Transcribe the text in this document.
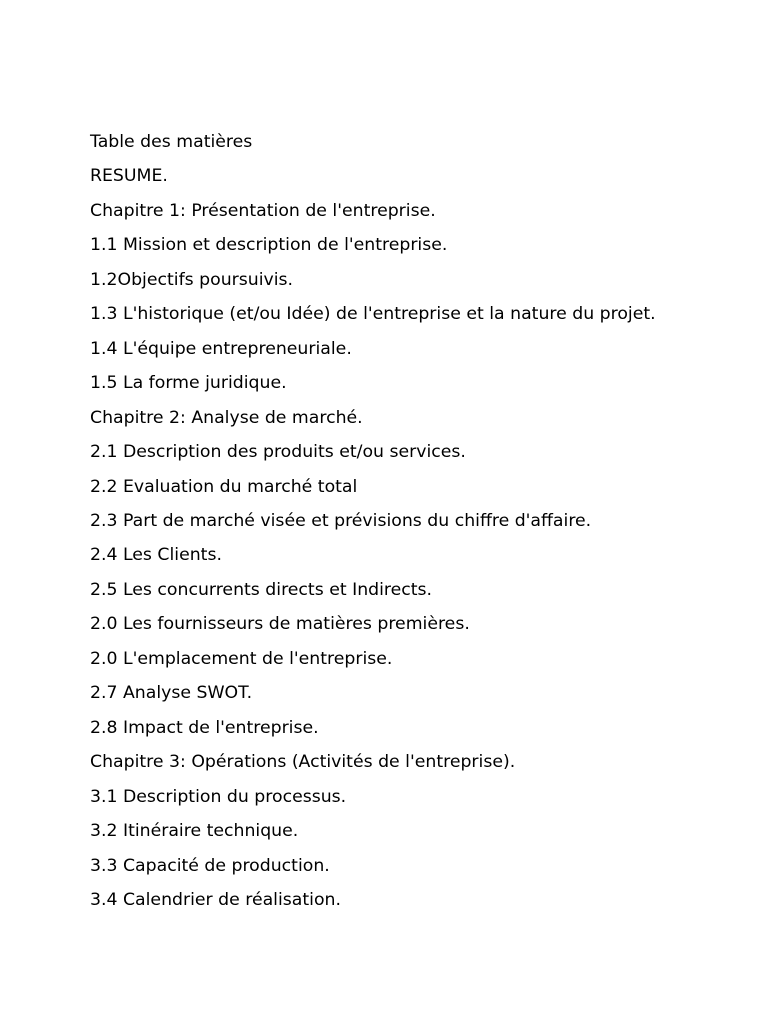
Table des matières
RESUME.
Chapitre 1: Présentation de l'entreprise.
1.1 Mission et description de l'entreprise.
1.2Objectifs poursuivis.
1.3 L'historique (et/ou Idée) de l'entreprise et la nature du projet.
1.4 L'équipe entrepreneuriale.
1.5 La forme juridique.
Chapitre 2: Analyse de marché.
2.1 Description des produits et/ou services.
2.2 Evaluation du marché total
2.3 Part de marché visée et prévisions du chiffre d'affaire.
2.4 Les Clients.
2.5 Les concurrents directs et Indirects.
2.0 Les fournisseurs de matières premières.
2.0 L'emplacement de l'entreprise.
2.7 Analyse SWOT.
2.8 Impact de l'entreprise.
Chapitre 3: Opérations (Activités de l'entreprise).
3.1 Description du processus.
3.2 Itinéraire technique.
3.3 Capacité de production.
3.4 Calendrier de réalisation.
